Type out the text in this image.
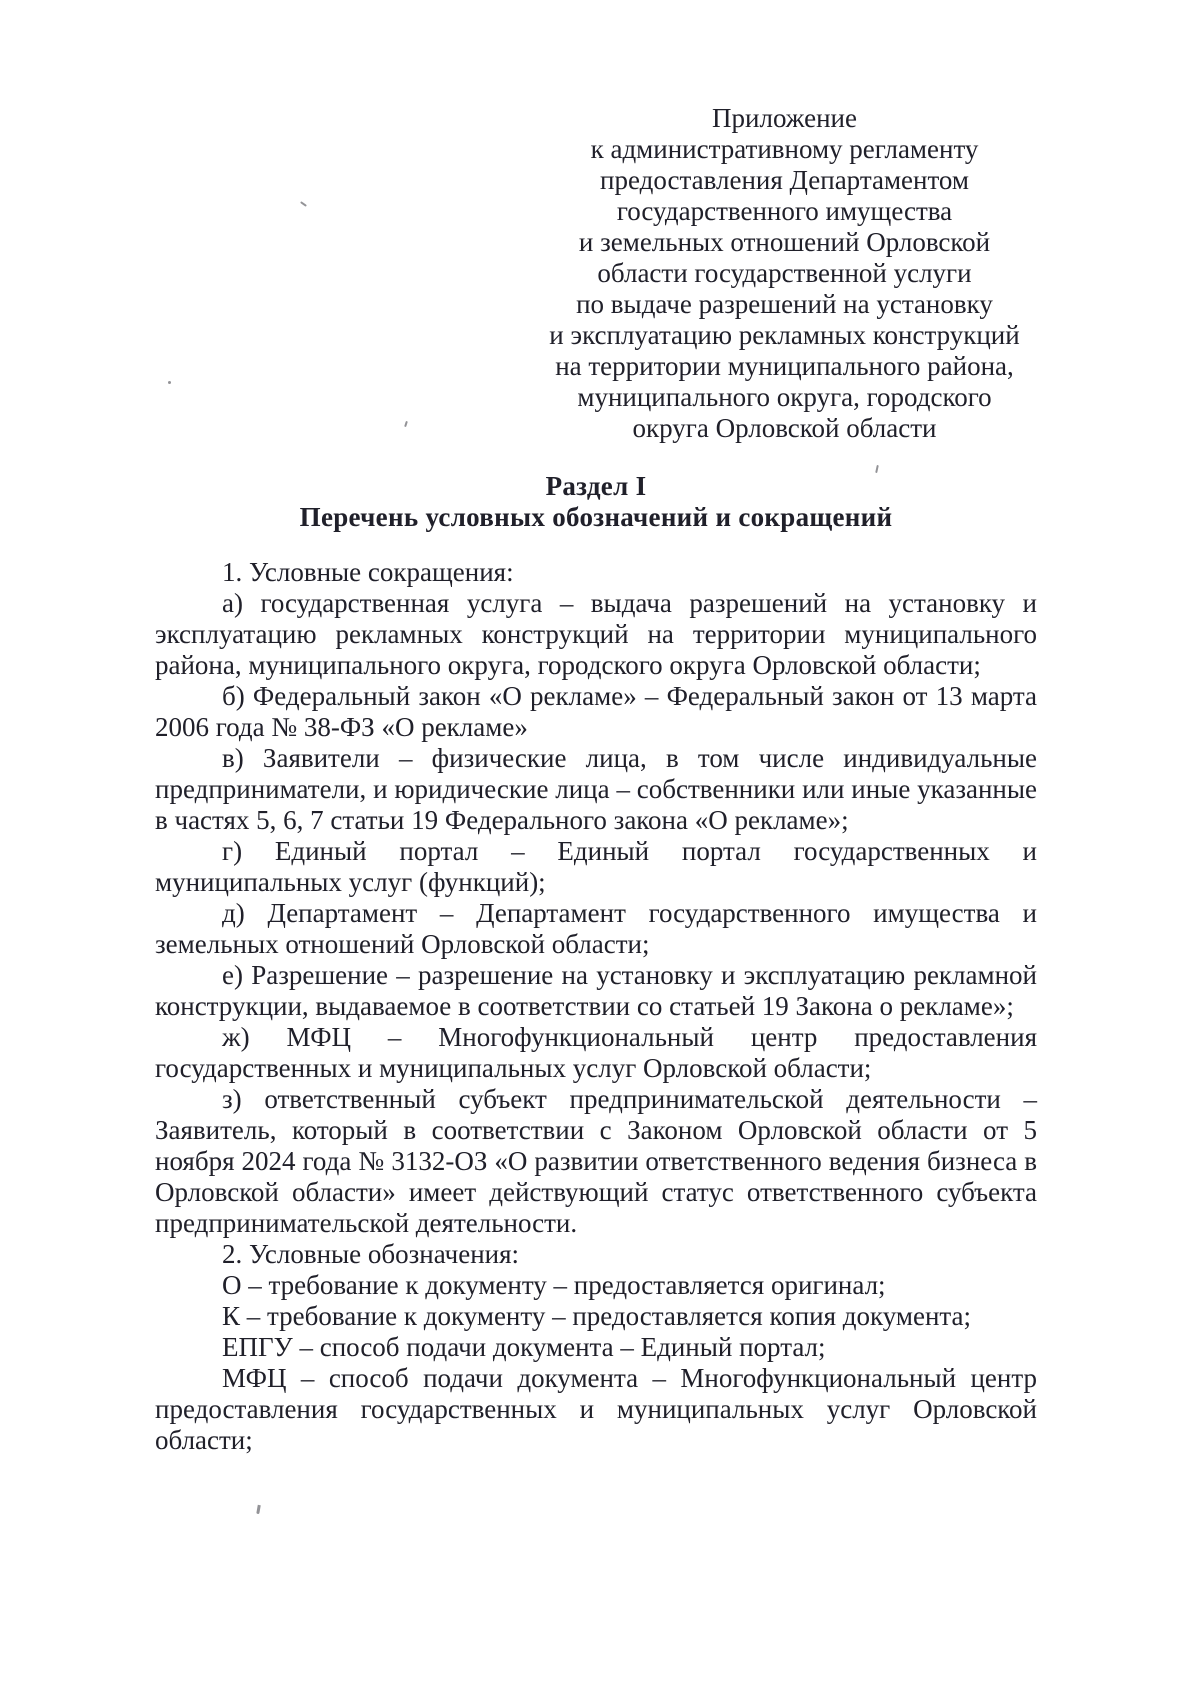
Приложение
к административному регламенту
предоставления Департаментом
государственного имущества
и земельных отношений Орловской
области государственной услуги
по выдаче разрешений на установку
и эксплуатацию рекламных конструкций
на территории муниципального района,
муниципального округа, городского
округа Орловской области
Раздел I
Перечень условных обозначений и сокращений

1. Условные сокращения:

а) государственная услуга – выдача разрешений на установку и эксплуатацию рекламных конструкций на территории муниципального района, муниципального округа, городского округа Орловской области;

б) Федеральный закон «О рекламе» – Федеральный закон от 13 марта 2006 года № 38-ФЗ «О рекламе»

в) Заявители – физические лица, в том числе индивидуальные предприниматели, и юридические лица – собственники или иные указанные в частях 5, 6, 7 статьи 19 Федерального закона «О рекламе»;

г) Единый портал – Единый портал государственных и муниципальных услуг (функций);

д) Департамент – Департамент государственного имущества и земельных отношений Орловской области;

е) Разрешение – разрешение на установку и эксплуатацию рекламной конструкции, выдаваемое в соответствии со статьей 19 Закона о рекламе»;

ж) МФЦ – Многофункциональный центр предоставления государственных и муниципальных услуг Орловской области;

з) ответственный субъект предпринимательской деятельности – Заявитель, который в соответствии с Законом Орловской области от 5 ноября 2024 года № 3132-ОЗ «О развитии ответственного ведения бизнеса в Орловской области» имеет действующий статус ответственного субъекта предпринимательской деятельности.

2. Условные обозначения:

О – требование к документу – предоставляется оригинал;

К – требование к документу – предоставляется копия документа;

ЕПГУ – способ подачи документа – Единый портал;

МФЦ – способ подачи документа – Многофункциональный центр предоставления государственных и муниципальных услуг Орловской области;
